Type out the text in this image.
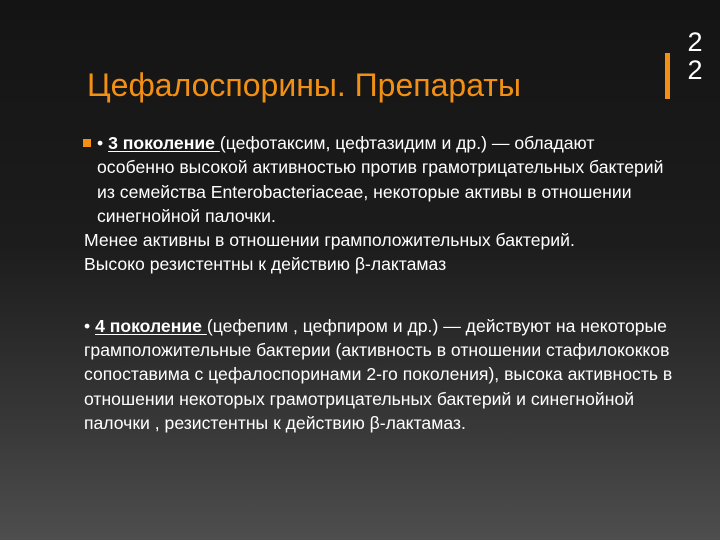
Цефалоспорины. Препараты
2
2
• 3 поколение (цефотаксим, цефтазидим и др.) — обладают особенно высокой активностью против грамотрицательных бактерий из семейства Enterobacteriaceae, некоторые активы в отношении синегнойной палочки.

Менее активны в отношении грамположительных бактерий.

Высоко резистентны к действию β-лактамаз

• 4 поколение (цефепим , цефпиром и др.) — действуют на некоторые грамположительные бактерии (активность в отношении стафилококков сопоставима с цефалоспоринами 2-го поколения), высока активность в отношении некоторых грамотрицательных бактерий и синегнойной палочки , резистентны к действию β-лактамаз.
